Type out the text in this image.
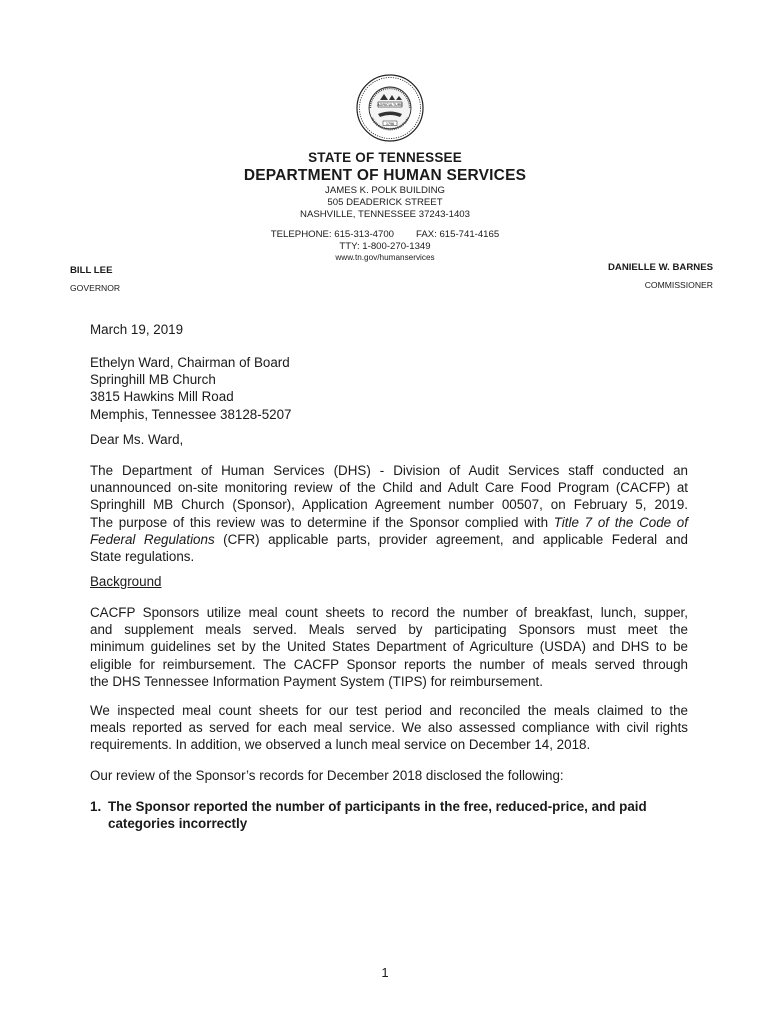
AGRICULTURE
1796
STATE OF TENNESSEE
DEPARTMENT OF HUMAN SERVICES
JAMES K. POLK BUILDING
505 DEADERICK STREET
NASHVILLE, TENNESSEE 37243-1403
TELEPHONE: 615-313-4700 FAX: 615-741-4165
TTY: 1-800-270-1349
www.tn.gov/humanservices
BILL LEE
GOVERNOR
DANIELLE W. BARNES
COMMISSIONER
March 19, 2019
Ethelyn Ward, Chairman of Board
Springhill MB Church
3815 Hawkins Mill Road
Memphis, Tennessee 38128-5207
Dear Ms. Ward,
The Department of Human Services (DHS) - Division of Audit Services staff conducted an
unannounced on-site monitoring review of the Child and Adult Care Food Program (CACFP) at
Springhill MB Church (Sponsor), Application Agreement number 00507, on February 5, 2019.
The purpose of this review was to determine if the Sponsor complied with Title 7 of the Code of
Federal Regulations (CFR) applicable parts, provider agreement, and applicable Federal and
State regulations.
Background
CACFP Sponsors utilize meal count sheets to record the number of breakfast, lunch, supper,
and supplement meals served. Meals served by participating Sponsors must meet the
minimum guidelines set by the United States Department of Agriculture (USDA) and DHS to be
eligible for reimbursement. The CACFP Sponsor reports the number of meals served through
the DHS Tennessee Information Payment System (TIPS) for reimbursement.
We inspected meal count sheets for our test period and reconciled the meals claimed to the
meals reported as served for each meal service. We also assessed compliance with civil rights
requirements. In addition, we observed a lunch meal service on December 14, 2018.
Our review of the Sponsor’s records for December 2018 disclosed the following:
1. The Sponsor reported the number of participants in the free, reduced-price, and paid
categories incorrectly
1
